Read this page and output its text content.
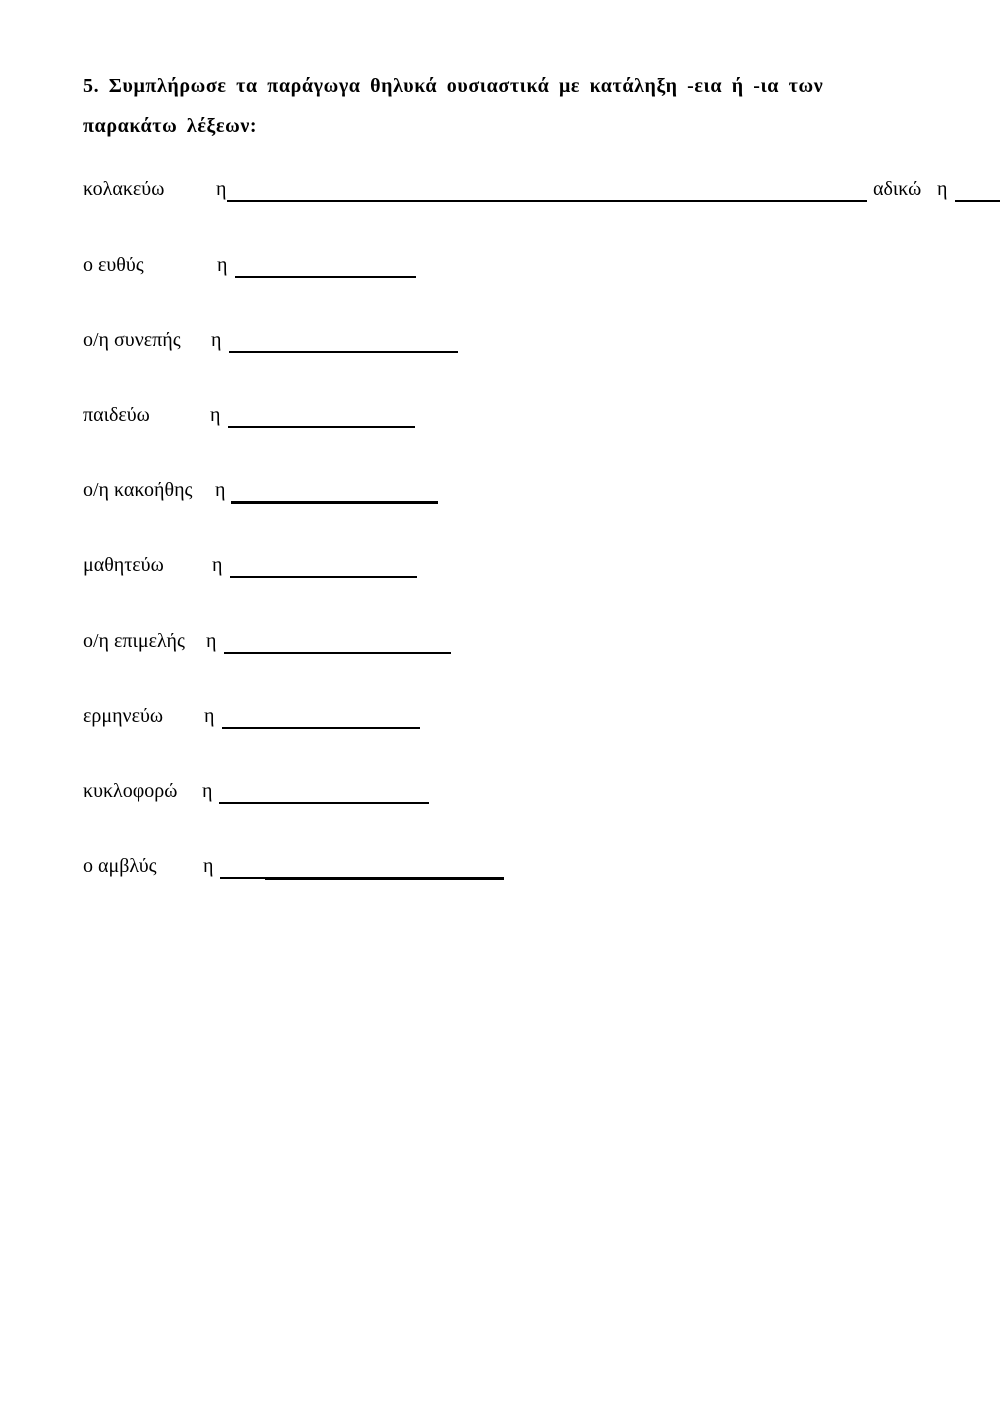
5. Συμπλήρωσε τα παράγωγα θηλυκά ουσιαστικά με κατάληξη -εια ή -ια των
παρακάτω λέξεων:

κολακεύω	η	αδικώ η
ο ευθύς	η
ο/η συνεπής η
παιδεύω	η
ο/η κακοήθης η
μαθητεύω η
ο/η επιμελής η
ερμηνεύω η
κυκλοφορώ η
ο αμβλύς η
